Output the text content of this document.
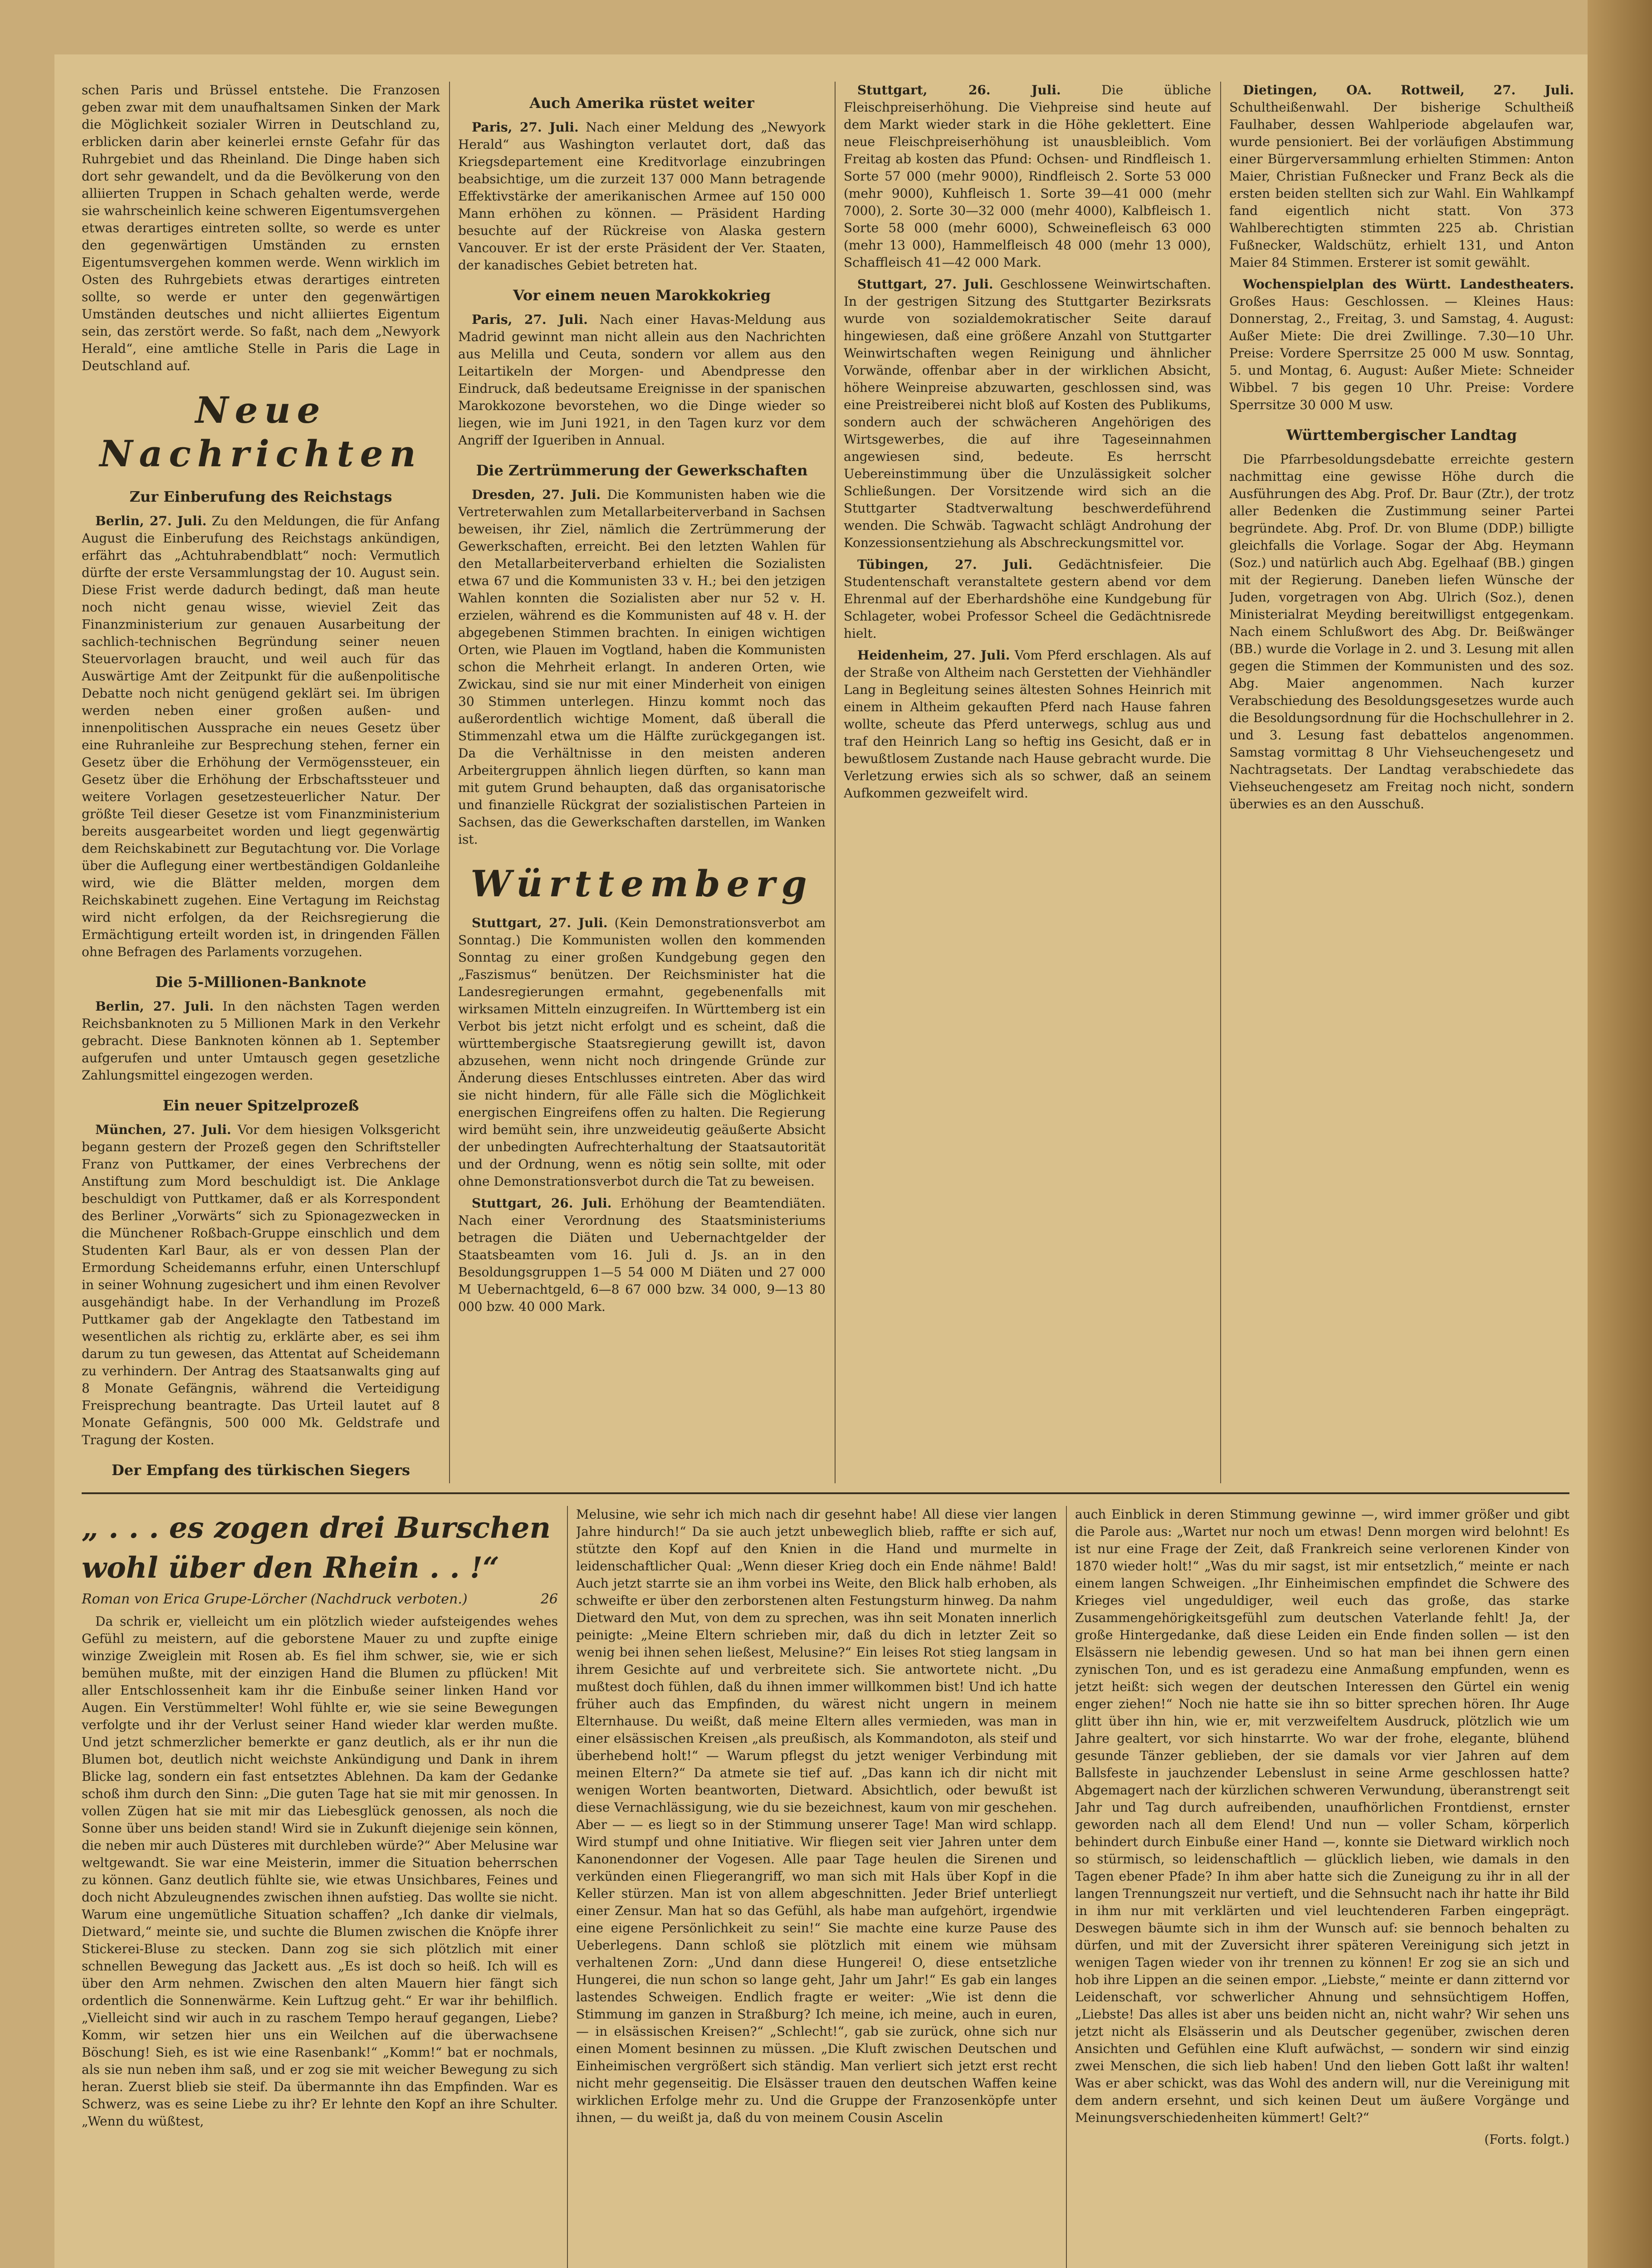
schen Paris und Brüssel entstehe. Die Franzosen geben zwar mit dem unaufhaltsamen Sinken der Mark die Möglichkeit sozialer Wirren in Deutschland zu, erblicken darin aber keinerlei ernste Gefahr für das Ruhrgebiet und das Rheinland. Die Dinge haben sich dort sehr gewandelt, und da die Bevölkerung von den alliierten Truppen in Schach gehalten werde, werde sie wahrscheinlich keine schweren Eigentumsvergehen etwas derartiges eintreten sollte, so werde es unter den gegenwärtigen Umständen zu ernsten Eigentumsvergehen kommen werde. Wenn wirklich im Osten des Ruhrgebiets etwas derartiges eintreten sollte, so werde er unter den gegenwärtigen Umständen deutsches und nicht alliiertes Eigentum sein, das zerstört werde. So faßt, nach dem „Newyork Herald“, eine amtliche Stelle in Paris die Lage in Deutschland auf.

Neue Nachrichten
Zur Einberufung des Reichstags

Berlin, 27. Juli. Zu den Meldungen, die für Anfang August die Einberufung des Reichstags ankündigen, erfährt das „Achtuhrabendblatt“ noch: Vermutlich dürfte der erste Versammlungstag der 10. August sein. Diese Frist werde dadurch bedingt, daß man heute noch nicht genau wisse, wieviel Zeit das Finanzministerium zur genauen Ausarbeitung der sachlich-technischen Begründung seiner neuen Steuervorlagen braucht, und weil auch für das Auswärtige Amt der Zeitpunkt für die außenpolitische Debatte noch nicht genügend geklärt sei. Im übrigen werden neben einer großen außen- und innenpolitischen Aussprache ein neues Gesetz über eine Ruhranleihe zur Besprechung stehen, ferner ein Gesetz über die Erhöhung der Vermögenssteuer, ein Gesetz über die Erhöhung der Erbschaftssteuer und weitere Vorlagen gesetzesteuerlicher Natur. Der größte Teil dieser Gesetze ist vom Finanzministerium bereits ausgearbeitet worden und liegt gegenwärtig dem Reichskabinett zur Begutachtung vor. Die Vorlage über die Auflegung einer wertbeständigen Goldanleihe wird, wie die Blätter melden, morgen dem Reichskabinett zugehen. Eine Vertagung im Reichstag wird nicht erfolgen, da der Reichsregierung die Ermächtigung erteilt worden ist, in dringenden Fällen ohne Befragen des Parlaments vorzugehen.

Die 5-Millionen-Banknote

Berlin, 27. Juli. In den nächsten Tagen werden Reichsbanknoten zu 5 Millionen Mark in den Verkehr gebracht. Diese Banknoten können ab 1. September aufgerufen und unter Umtausch gegen gesetzliche Zahlungsmittel eingezogen werden.

Ein neuer Spitzelprozeß

München, 27. Juli. Vor dem hiesigen Volksgericht begann gestern der Prozeß gegen den Schriftsteller Franz von Puttkamer, der eines Verbrechens der Anstiftung zum Mord beschuldigt ist. Die Anklage beschuldigt von Puttkamer, daß er als Korrespondent des Berliner „Vorwärts“ sich zu Spionagezwecken in die Münchener Roßbach-Gruppe einschlich und dem Studenten Karl Baur, als er von dessen Plan der Ermordung Scheidemanns erfuhr, einen Unterschlupf in seiner Wohnung zugesichert und ihm einen Revolver ausgehändigt habe. In der Verhandlung im Prozeß Puttkamer gab der Angeklagte den Tatbestand im wesentlichen als richtig zu, erklärte aber, es sei ihm darum zu tun gewesen, das Attentat auf Scheidemann zu verhindern. Der Antrag des Staatsanwalts ging auf 8 Monate Gefängnis, während die Verteidigung Freisprechung beantragte. Das Urteil lautet auf 8 Monate Gefängnis, 500 000 Mk. Geldstrafe und Tragung der Kosten.

Der Empfang des türkischen Siegers

Auch Amerika rüstet weiter

Paris, 27. Juli. Nach einer Meldung des „Newyork Herald“ aus Washington verlautet dort, daß das Kriegsdepartement eine Kreditvorlage einzubringen beabsichtige, um die zurzeit 137 000 Mann betragende Effektivstärke der amerikanischen Armee auf 150 000 Mann erhöhen zu können. — Präsident Harding besuchte auf der Rückreise von Alaska gestern Vancouver. Er ist der erste Präsident der Ver. Staaten, der kanadisches Gebiet betreten hat.

Vor einem neuen Marokkokrieg

Paris, 27. Juli. Nach einer Havas-Meldung aus Madrid gewinnt man nicht allein aus den Nachrichten aus Melilla und Ceuta, sondern vor allem aus den Leitartikeln der Morgen- und Abendpresse den Eindruck, daß bedeutsame Ereignisse in der spanischen Marokkozone bevorstehen, wo die Dinge wieder so liegen, wie im Juni 1921, in den Tagen kurz vor dem Angriff der Igueriben in Annual.

Die Zertrümmerung der Gewerkschaften

Dresden, 27. Juli. Die Kommunisten haben wie die Vertreterwahlen zum Metallarbeiterverband in Sachsen beweisen, ihr Ziel, nämlich die Zertrümmerung der Gewerkschaften, erreicht. Bei den letzten Wahlen für den Metallarbeiterverband erhielten die Sozialisten etwa 67 und die Kommunisten 33 v. H.; bei den jetzigen Wahlen konnten die Sozialisten aber nur 52 v. H. erzielen, während es die Kommunisten auf 48 v. H. der abgegebenen Stimmen brachten. In einigen wichtigen Orten, wie Plauen im Vogtland, haben die Kommunisten schon die Mehrheit erlangt. In anderen Orten, wie Zwickau, sind sie nur mit einer Minderheit von einigen 30 Stimmen unterlegen. Hinzu kommt noch das außerordentlich wichtige Moment, daß überall die Stimmenzahl etwa um die Hälfte zurückgegangen ist. Da die Verhältnisse in den meisten anderen Arbeitergruppen ähnlich liegen dürften, so kann man mit gutem Grund behaupten, daß das organisatorische und finanzielle Rückgrat der sozialistischen Parteien in Sachsen, das die Gewerkschaften darstellen, im Wanken ist.

Württemberg

Stuttgart, 27. Juli. (Kein Demonstrationsverbot am Sonntag.) Die Kommunisten wollen den kommenden Sonntag zu einer großen Kundgebung gegen den „Faszismus“ benützen. Der Reichsminister hat die Landesregierungen ermahnt, gegebenenfalls mit wirksamen Mitteln einzugreifen. In Württemberg ist ein Verbot bis jetzt nicht erfolgt und es scheint, daß die württembergische Staatsregierung gewillt ist, davon abzusehen, wenn nicht noch dringende Gründe zur Änderung dieses Entschlusses eintreten. Aber das wird sie nicht hindern, für alle Fälle sich die Möglichkeit energischen Eingreifens offen zu halten. Die Regierung wird bemüht sein, ihre unzweideutig geäußerte Absicht der unbedingten Aufrechterhaltung der Staatsautorität und der Ordnung, wenn es nötig sein sollte, mit oder ohne Demonstrationsverbot durch die Tat zu beweisen.

Stuttgart, 26. Juli. Erhöhung der Beamtendiäten. Nach einer Verordnung des Staatsministeriums betragen die Diäten und Uebernachtgelder der Staatsbeamten vom 16. Juli d. Js. an in den Besoldungsgruppen 1—5 54 000 M Diäten und 27 000 M Uebernachtgeld, 6—8 67 000 bzw. 34 000, 9—13 80 000 bzw. 40 000 Mark.

Stuttgart, 26. Juli.	Die übliche Fleischpreiserhöhung. Die Viehpreise sind heute auf dem Markt wieder stark in die Höhe geklettert. Eine neue Fleischpreiserhöhung ist unausbleiblich. Vom Freitag ab kosten das Pfund: Ochsen- und Rindfleisch 1. Sorte 57 000 (mehr 9000), Rindfleisch 2. Sorte 53 000 (mehr 9000), Kuhfleisch 1. Sorte 39—41 000 (mehr 7000), 2. Sorte 30—32 000 (mehr 4000), Kalbfleisch 1. Sorte 58 000 (mehr 6000), Schweinefleisch 63 000 (mehr 13 000), Hammelfleisch 48 000 (mehr 13 000), Schaffleisch 41—42 000 Mark.

Stuttgart, 27. Juli. Geschlossene Weinwirtschaften. In der gestrigen Sitzung des Stuttgarter Bezirksrats wurde von sozialdemokratischer Seite darauf hingewiesen, daß eine größere Anzahl von Stuttgarter Weinwirtschaften wegen Reinigung und ähnlicher Vorwände, offenbar aber in der wirklichen Absicht, höhere Weinpreise abzuwarten, geschlossen sind, was eine Preistreiberei nicht bloß auf Kosten des Publikums, sondern auch der schwächeren Angehörigen des Wirtsgewerbes, die auf ihre Tageseinnahmen angewiesen sind, bedeute. Es herrscht Uebereinstimmung über die Unzulässigkeit solcher Schließungen. Der Vorsitzende wird sich an die Stuttgarter Stadtverwaltung beschwerdeführend wenden. Die Schwäb. Tagwacht schlägt Androhung der Konzessionsentziehung als Abschreckungsmittel vor.

Tübingen, 27. Juli. Gedächtnisfeier. Die Studentenschaft veranstaltete gestern abend vor dem Ehrenmal auf der Eberhardshöhe eine Kundgebung für Schlageter, wobei Professor Scheel die Gedächtnisrede hielt.

Heidenheim, 27. Juli. Vom Pferd erschlagen. Als auf der Straße von Altheim nach Gerstetten der Viehhändler Lang in Begleitung seines ältesten Sohnes Heinrich mit einem in Altheim gekauften Pferd nach Hause fahren wollte, scheute das Pferd unterwegs, schlug aus und traf den Heinrich Lang so heftig ins Gesicht, daß er in bewußtlosem Zustande nach Hause gebracht wurde. Die Verletzung erwies sich als so schwer, daß an seinem Aufkommen gezweifelt wird.

Dietingen, OA. Rottweil, 27. Juli. Schultheißenwahl. Der bisherige Schultheiß Faulhaber, dessen Wahlperiode abgelaufen war, wurde pensioniert. Bei der vorläufigen Abstimmung einer Bürgerversammlung erhielten Stimmen: Anton Maier, Christian Fußnecker und Franz Beck als die ersten beiden stellten sich zur Wahl. Ein Wahlkampf fand eigentlich nicht statt. Von 373 Wahlberechtigten stimmten 225 ab. Christian Fußnecker, Waldschütz, erhielt 131, und Anton Maier 84 Stimmen. Ersterer ist somit gewählt.

Wochenspielplan des Württ. Landestheaters. Großes Haus: Geschlossen. — Kleines Haus: Donnerstag, 2., Freitag, 3. und Samstag, 4. August: Außer Miete: Die drei Zwillinge. 7.30—10 Uhr. Preise: Vordere Sperrsitze 25 000 M usw. Sonntag, 5. und Montag, 6. August: Außer Miete: Schneider Wibbel. 7 bis gegen 10 Uhr. Preise: Vordere Sperrsitze 30 000 M usw.

Württembergischer Landtag

Die Pfarrbesoldungsdebatte erreichte gestern nachmittag eine gewisse Höhe durch die Ausführungen des Abg. Prof. Dr. Baur (Ztr.), der trotz aller Bedenken die Zustimmung seiner Partei begründete. Abg. Prof. Dr. von Blume (DDP.) billigte gleichfalls die Vorlage. Sogar der Abg. Heymann (Soz.) und natürlich auch Abg. Egelhaaf (BB.) gingen mit der Regierung. Daneben liefen Wünsche der Juden, vorgetragen von Abg. Ulrich (Soz.), denen Ministerialrat Meyding bereitwilligst entgegenkam. Nach einem Schlußwort des Abg. Dr. Beißwänger (BB.) wurde die Vorlage in 2. und 3. Lesung mit allen gegen die Stimmen der Kommunisten und des soz. Abg. Maier angenommen. Nach kurzer Verabschiedung des Besoldungsgesetzes wurde auch die Besoldungsordnung für die Hochschullehrer in 2. und 3. Lesung fast debattelos angenommen. Samstag vormittag 8 Uhr Viehseuchengesetz und Nachtragsetats. Der Landtag verabschiedete das Viehseuchengesetz am Freitag noch nicht, sondern überwies es an den Ausschuß.

„ . . . es zogen drei Burschen
wohl über den Rhein . . !“
Roman von Erica Grupe-Lörcher (Nachdruck verboten.)	26

Da schrik er, vielleicht um ein plötzlich wieder aufsteigendes wehes Gefühl zu meistern, auf die geborstene Mauer zu und zupfte einige winzige Zweiglein mit Rosen ab. Es fiel ihm schwer, sie, wie er sich bemühen mußte, mit der einzigen Hand die Blumen zu pflücken! Mit aller Entschlossenheit kam ihr die Einbuße seiner linken Hand vor Augen. Ein Verstümmelter! Wohl fühlte er, wie sie seine Bewegungen verfolgte und ihr der Verlust seiner Hand wieder klar werden mußte. Und jetzt schmerzlicher bemerkte er ganz deutlich, als er ihr nun die Blumen bot, deutlich nicht weichste Ankündigung und Dank in ihrem Blicke lag, sondern ein fast entsetztes Ablehnen. Da kam der Gedanke schoß ihm durch den Sinn: „Die guten Tage hat sie mit mir genossen. In vollen Zügen hat sie mit mir das Liebesglück genossen, als noch die Sonne über uns beiden stand! Wird sie in Zukunft diejenige sein können, die neben mir auch Düsteres mit durchleben würde?“ Aber Melusine war weltgewandt. Sie war eine Meisterin, immer die Situation beherrschen zu können. Ganz deutlich fühlte sie, wie etwas Unsichbares, Feines und doch nicht Abzuleugnendes zwischen ihnen aufstieg. Das wollte sie nicht. Warum eine ungemütliche Situation schaffen? „Ich danke dir vielmals, Dietward,“ meinte sie, und suchte die Blumen zwischen die Knöpfe ihrer Stickerei-Bluse zu stecken. Dann zog sie sich plötzlich mit einer schnellen Bewegung das Jackett aus. „Es ist doch so heiß. Ich will es über den Arm nehmen. Zwischen den alten Mauern hier fängt sich ordentlich die Sonnenwärme. Kein Luftzug geht.“ Er war ihr behilflich. „Vielleicht sind wir auch in zu raschem Tempo herauf gegangen, Liebe? Komm, wir setzen hier uns ein Weilchen auf die überwachsene Böschung! Sieh, es ist wie eine Rasenbank!“ „Komm!“ bat er nochmals, als sie nun neben ihm saß, und er zog sie mit weicher Bewegung zu sich heran. Zuerst blieb sie steif. Da übermannte ihn das Empfinden. War es Schwerz, was es seine Liebe zu ihr? Er lehnte den Kopf an ihre Schulter. „Wenn du wüßtest,

Melusine, wie sehr ich mich nach dir gesehnt habe! All diese vier langen Jahre hindurch!“ Da sie auch jetzt unbeweglich blieb, raffte er sich auf, stützte den Kopf auf den Knien in die Hand und murmelte in leidenschaftlicher Qual: „Wenn dieser Krieg doch ein Ende nähme! Bald! Auch jetzt starrte sie an ihm vorbei ins Weite, den Blick halb erhoben, als schweifte er über den zerborstenen alten Festungsturm hinweg. Da nahm Dietward den Mut, von dem zu sprechen, was ihn seit Monaten innerlich peinigte: „Meine Eltern schrieben mir, daß du dich in letzter Zeit so wenig bei ihnen sehen ließest, Melusine?“ Ein leises Rot stieg langsam in ihrem Gesichte auf und verbreitete sich. Sie antwortete nicht. „Du mußtest doch fühlen, daß du ihnen immer willkommen bist! Und ich hatte früher auch das Empfinden, du wärest nicht ungern in meinem Elternhause. Du weißt, daß meine Eltern alles vermieden, was man in einer elsässischen Kreisen „als preußisch, als Kommandoton, als steif und überhebend holt!“ — Warum pflegst du jetzt weniger Verbindung mit meinen Eltern?“ Da atmete sie tief auf. „Das kann ich dir nicht mit wenigen Worten beantworten, Dietward. Absichtlich, oder bewußt ist diese Vernachlässigung, wie du sie bezeichnest, kaum von mir geschehen. Aber — — es liegt so in der Stimmung unserer Tage! Man wird schlapp. Wird stumpf und ohne Initiative. Wir fliegen seit vier Jahren unter dem Kanonendonner der Vogesen. Alle paar Tage heulen die Sirenen und verkünden einen Fliegerangriff, wo man sich mit Hals über Kopf in die Keller stürzen. Man ist von allem abgeschnitten. Jeder Brief unterliegt einer Zensur. Man hat so das Gefühl, als habe man aufgehört, irgendwie eine eigene Persönlichkeit zu sein!“ Sie machte eine kurze Pause des Ueberlegens. Dann schloß sie plötzlich mit einem wie mühsam verhaltenen Zorn: „Und dann diese Hungerei! O, diese entsetzliche Hungerei, die nun schon so lange geht, Jahr um Jahr!“ Es gab ein langes lastendes Schweigen. Endlich fragte er weiter: „Wie ist denn die Stimmung im ganzen in Straßburg? Ich meine, ich meine, auch in euren, — in elsässischen Kreisen?“ „Schlecht!“, gab sie zurück, ohne sich nur einen Moment besinnen zu müssen. „Die Kluft zwischen Deutschen und Einheimischen vergrößert sich ständig. Man verliert sich jetzt erst recht nicht mehr gegenseitig. Die Elsässer trauen den deutschen Waffen keine wirklichen Erfolge mehr zu. Und die Gruppe der Franzosenköpfe unter ihnen, — du weißt ja, daß du von meinem Cousin Ascelin

auch Einblick in deren Stimmung gewinne —, wird immer größer und gibt die Parole aus: „Wartet nur noch um etwas! Denn morgen wird belohnt! Es ist nur eine Frage der Zeit, daß Frankreich seine verlorenen Kinder von 1870 wieder holt!“ „Was du mir sagst, ist mir entsetzlich,“ meinte er nach einem langen Schweigen. „Ihr Einheimischen empfindet die Schwere des Krieges viel ungeduldiger, weil euch das große, das starke Zusammengehörigkeitsgefühl zum deutschen Vaterlande fehlt! Ja, der große Hintergedanke, daß diese Leiden ein Ende finden sollen — ist den Elsässern nie lebendig gewesen. Und so hat man bei ihnen gern einen zynischen Ton, und es ist geradezu eine Anmaßung empfunden, wenn es jetzt heißt: sich wegen der deutschen Interessen den Gürtel ein wenig enger ziehen!“ Noch nie hatte sie ihn so bitter sprechen hören. Ihr Auge glitt über ihn hin, wie er, mit verzweifeltem Ausdruck, plötzlich wie um Jahre gealtert, vor sich hinstarrte. Wo war der frohe, elegante, blühend gesunde Tänzer geblieben, der sie damals vor vier Jahren auf dem Ballsfeste in jauchzender Lebenslust in seine Arme geschlossen hatte? Abgemagert nach der kürzlichen schweren Verwundung, überanstrengt seit Jahr und Tag durch aufreibenden, unaufhörlichen Frontdienst, ernster geworden nach all dem Elend! Und nun — voller Scham, körperlich behindert durch Einbuße einer Hand —, konnte sie Dietward wirklich noch so stürmisch, so leidenschaftlich — glücklich lieben, wie damals in den Tagen ebener Pfade? In ihm aber hatte sich die Zuneigung zu ihr in all der langen Trennungszeit nur vertieft, und die Sehnsucht nach ihr hatte ihr Bild in ihm nur mit verklärten und viel leuchtenderen Farben eingeprägt. Deswegen bäumte sich in ihm der Wunsch auf: sie bennoch behalten zu dürfen, und mit der Zuversicht ihrer späteren Vereinigung sich jetzt in wenigen Tagen wieder von ihr trennen zu können! Er zog sie an sich und hob ihre Lippen an die seinen empor. „Liebste,“ meinte er dann zitternd vor Leidenschaft, vor schwerlicher Ahnung und sehnsüchtigem Hoffen, „Liebste! Das alles ist aber uns beiden nicht an, nicht wahr? Wir sehen uns jetzt nicht als Elsässerin und als Deutscher gegenüber, zwischen deren Ansichten und Gefühlen eine Kluft aufwächst, — sondern wir sind einzig zwei Menschen, die sich lieb haben! Und den lieben Gott laßt ihr walten! Was er aber schickt, was das Wohl des andern will, nur die Vereinigung mit dem andern ersehnt, und sich keinen Deut um äußere Vorgänge und Meinungsverschiedenheiten kümmert! Gelt?“

(Forts. folgt.)
